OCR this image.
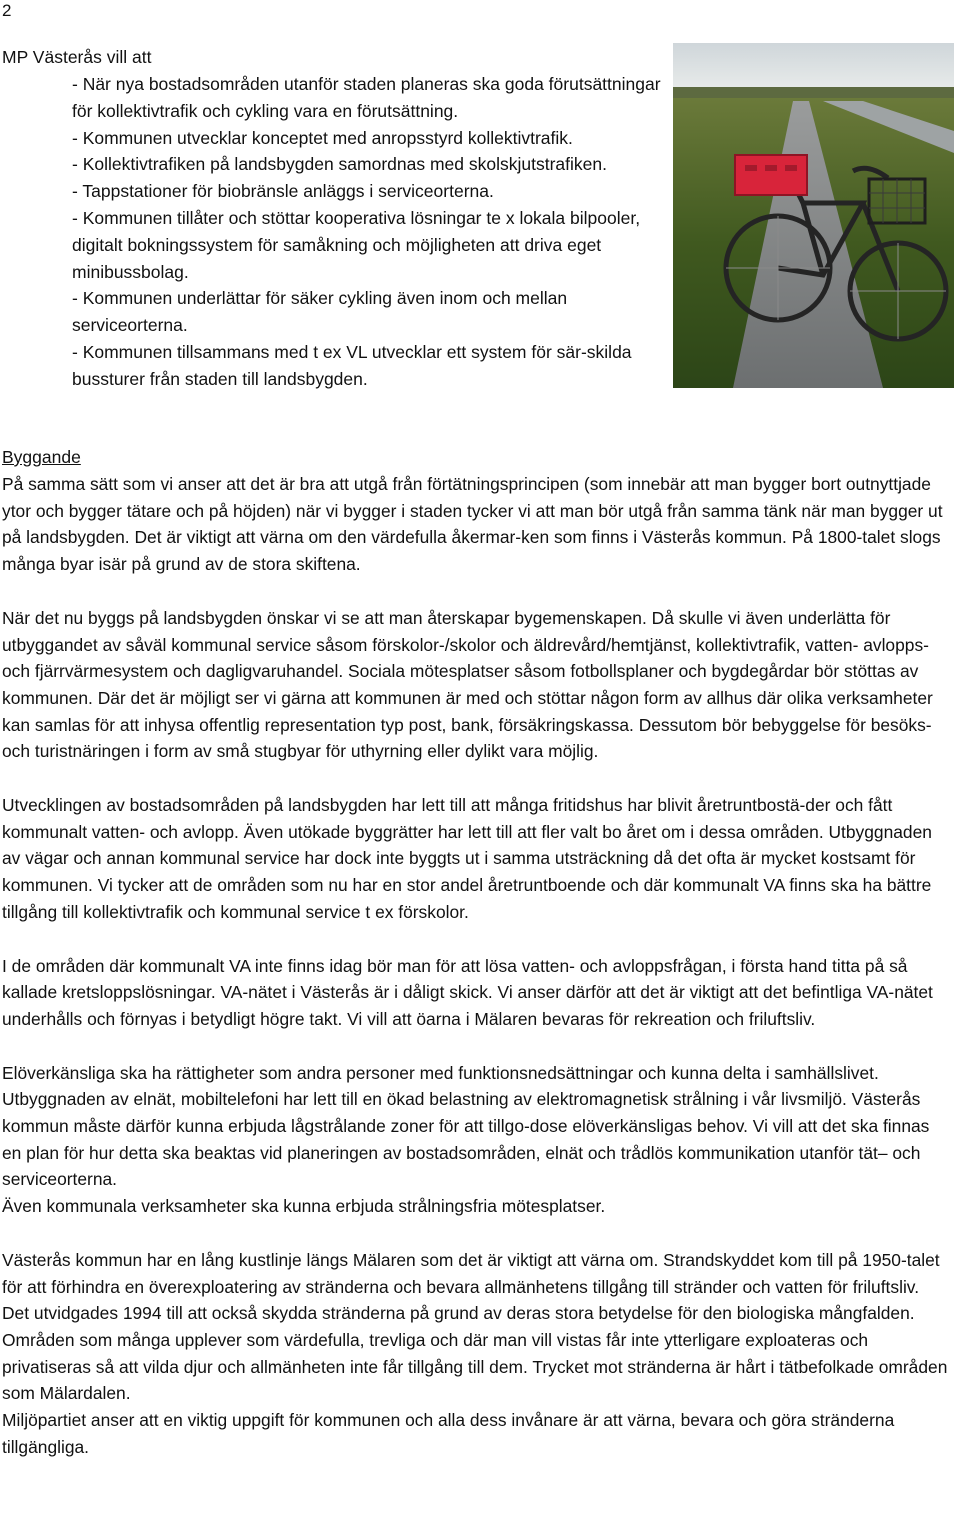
2
MP Västerås vill att
- När nya bostadsområden utanför staden planeras ska goda förutsättningar för kollektivtrafik och cykling vara en förutsättning.
- Kommunen utvecklar konceptet med anropsstyrd kollektivtrafik.
- Kollektivtrafiken på landsbygden samordnas med skolskjutstrafiken.
- Tappstationer för biobränsle anläggs i serviceorterna.
- Kommunen tillåter och stöttar kooperativa lösningar te x lokala bilpooler, digitalt bokningssystem för samåkning och möjligheten att driva eget minibussbolag.
- Kommunen underlättar för säker cykling även inom och mellan serviceorterna.
- Kommunen tillsammans med t ex VL utvecklar ett system för sär-skilda bussturer från staden till landsbygden.
Byggande

På samma sätt som vi anser att det är bra att utgå från förtätningsprincipen (som innebär att man bygger bort outnyttjade ytor och bygger tätare och på höjden) när vi bygger i staden tycker vi att man bör utgå från samma tänk när man bygger ut på landsbygden. Det är viktigt att värna om den värdefulla åkermar-ken som finns i Västerås kommun. På 1800-talet slogs många byar isär på grund av de stora skiftena.

När det nu byggs på landsbygden önskar vi se att man återskapar bygemenskapen. Då skulle vi även underlätta för utbyggandet av såväl kommunal service såsom förskolor-/skolor och äldrevård/hemtjänst, kollektivtrafik, vatten- avlopps- och fjärrvärmesystem och dagligvaruhandel. Sociala mötesplatser såsom fotbollsplaner och bygdegårdar bör stöttas av kommunen. Där det är möjligt ser vi gärna att kommunen är med och stöttar någon form av allhus där olika verksamheter kan samlas för att inhysa offentlig representation typ post, bank, försäkringskassa. Dessutom bör bebyggelse för besöks- och turistnäringen i form av små stugbyar för uthyrning eller dylikt vara möjlig.

Utvecklingen av bostadsområden på landsbygden har lett till att många fritidshus har blivit åretruntbostä-der och fått kommunalt vatten- och avlopp. Även utökade byggrätter har lett till att fler valt bo året om i dessa områden. Utbyggnaden av vägar och annan kommunal service har dock inte byggts ut i samma utsträckning då det ofta är mycket kostsamt för kommunen. Vi tycker att de områden som nu har en stor andel åretruntboende och där kommunalt VA finns ska ha bättre tillgång till kollektivtrafik och kommunal service t ex förskolor.

I de områden där kommunalt VA inte finns idag bör man för att lösa vatten- och avloppsfrågan, i första hand titta på så kallade kretsloppslösningar. VA-nätet i Västerås är i dåligt skick. Vi anser därför att det är viktigt att det befintliga VA-nätet underhålls och förnyas i betydligt högre takt. Vi vill att öarna i Mälaren bevaras för rekreation och friluftsliv.

Elöverkänsliga ska ha rättigheter som andra personer med funktionsnedsättningar och kunna delta i samhällslivet. Utbyggnaden av elnät, mobiltelefoni har lett till en ökad belastning av elektromagnetisk strålning i vår livsmiljö. Västerås kommun måste därför kunna erbjuda lågstrålande zoner för att tillgo-dose elöverkänsligas behov. Vi vill att det ska finnas en plan för hur detta ska beaktas vid planeringen av bostadsområden, elnät och trådlös kommunikation utanför tät– och serviceorterna.

Även kommunala verksamheter ska kunna erbjuda strålningsfria mötesplatser.

Västerås kommun har en lång kustlinje längs Mälaren som det är viktigt att värna om. Strandskyddet kom till på 1950-talet för att förhindra en överexploatering av stränderna och bevara allmänhetens tillgång till stränder och vatten för friluftsliv. Det utvidgades 1994 till att också skydda stränderna på grund av deras stora betydelse för den biologiska mångfalden. Områden som många upplever som värdefulla, trevliga och där man vill vistas får inte ytterligare exploateras och privatiseras så att vilda djur och allmänheten inte får tillgång till dem. Trycket mot stränderna är hårt i tätbefolkade områden som Mälardalen.

Miljöpartiet anser att en viktig uppgift för kommunen och alla dess invånare är att värna, bevara och göra stränderna tillgängliga.
